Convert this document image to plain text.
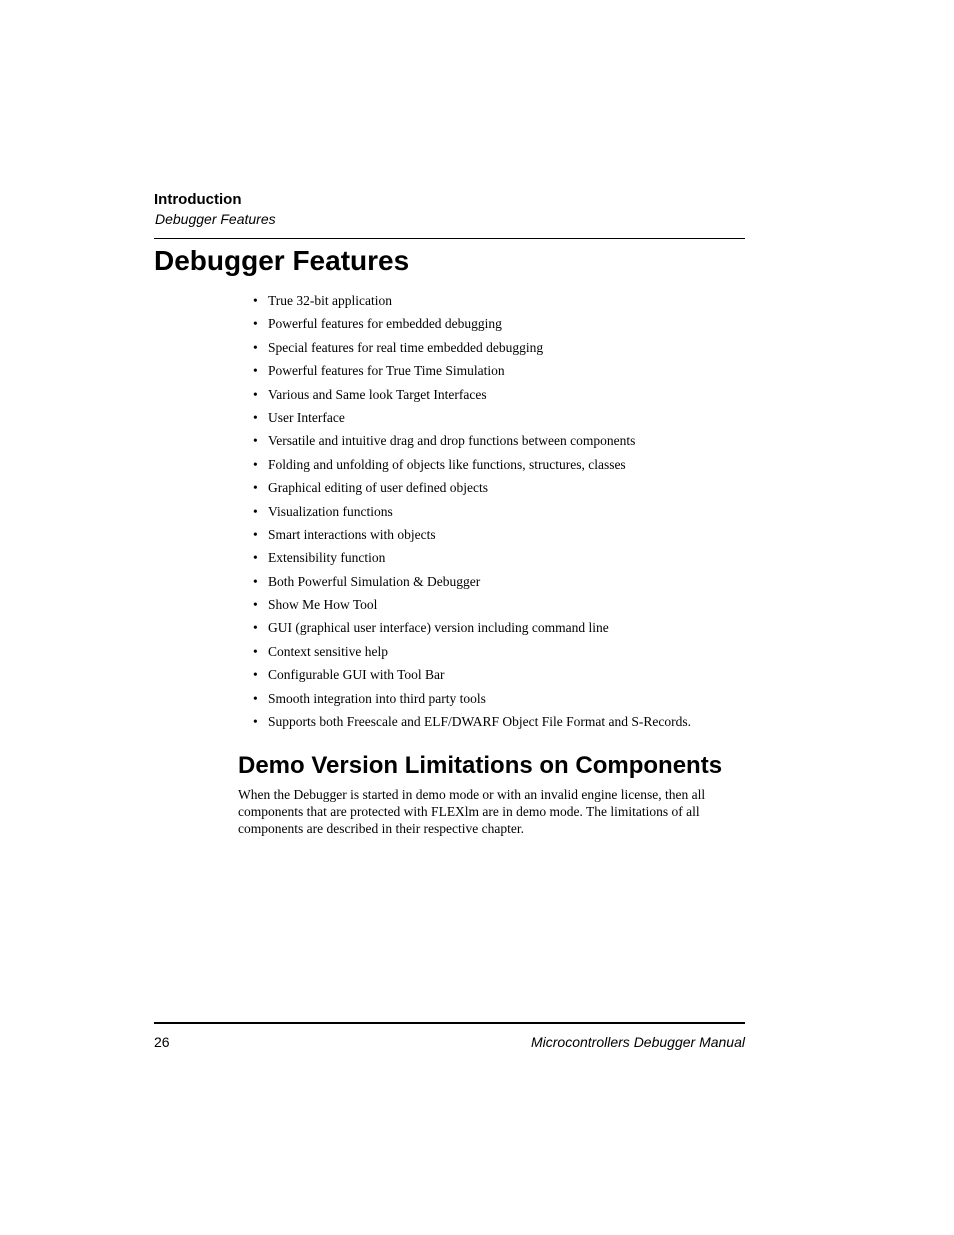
Introduction

Debugger Features

Debugger Features
• True 32-bit application
• Powerful features for embedded debugging
• Special features for real time embedded debugging
• Powerful features for True Time Simulation
• Various and Same look Target Interfaces
• User Interface
• Versatile and intuitive drag and drop functions between components
• Folding and unfolding of objects like functions, structures, classes
• Graphical editing of user defined objects
• Visualization functions
• Smart interactions with objects
• Extensibility function
• Both Powerful Simulation & Debugger
• Show Me How Tool
• GUI (graphical user interface) version including command line
• Context sensitive help
• Configurable GUI with Tool Bar
• Smooth integration into third party tools
• Supports both Freescale and ELF/DWARF Object File Format and S-Records.
Demo Version Limitations on Components

When the Debugger is started in demo mode or with an invalid engine license, then all components that are protected with FLEXlm are in demo mode. The limitations of all components are described in their respective chapter.

26	Microcontrollers Debugger Manual
